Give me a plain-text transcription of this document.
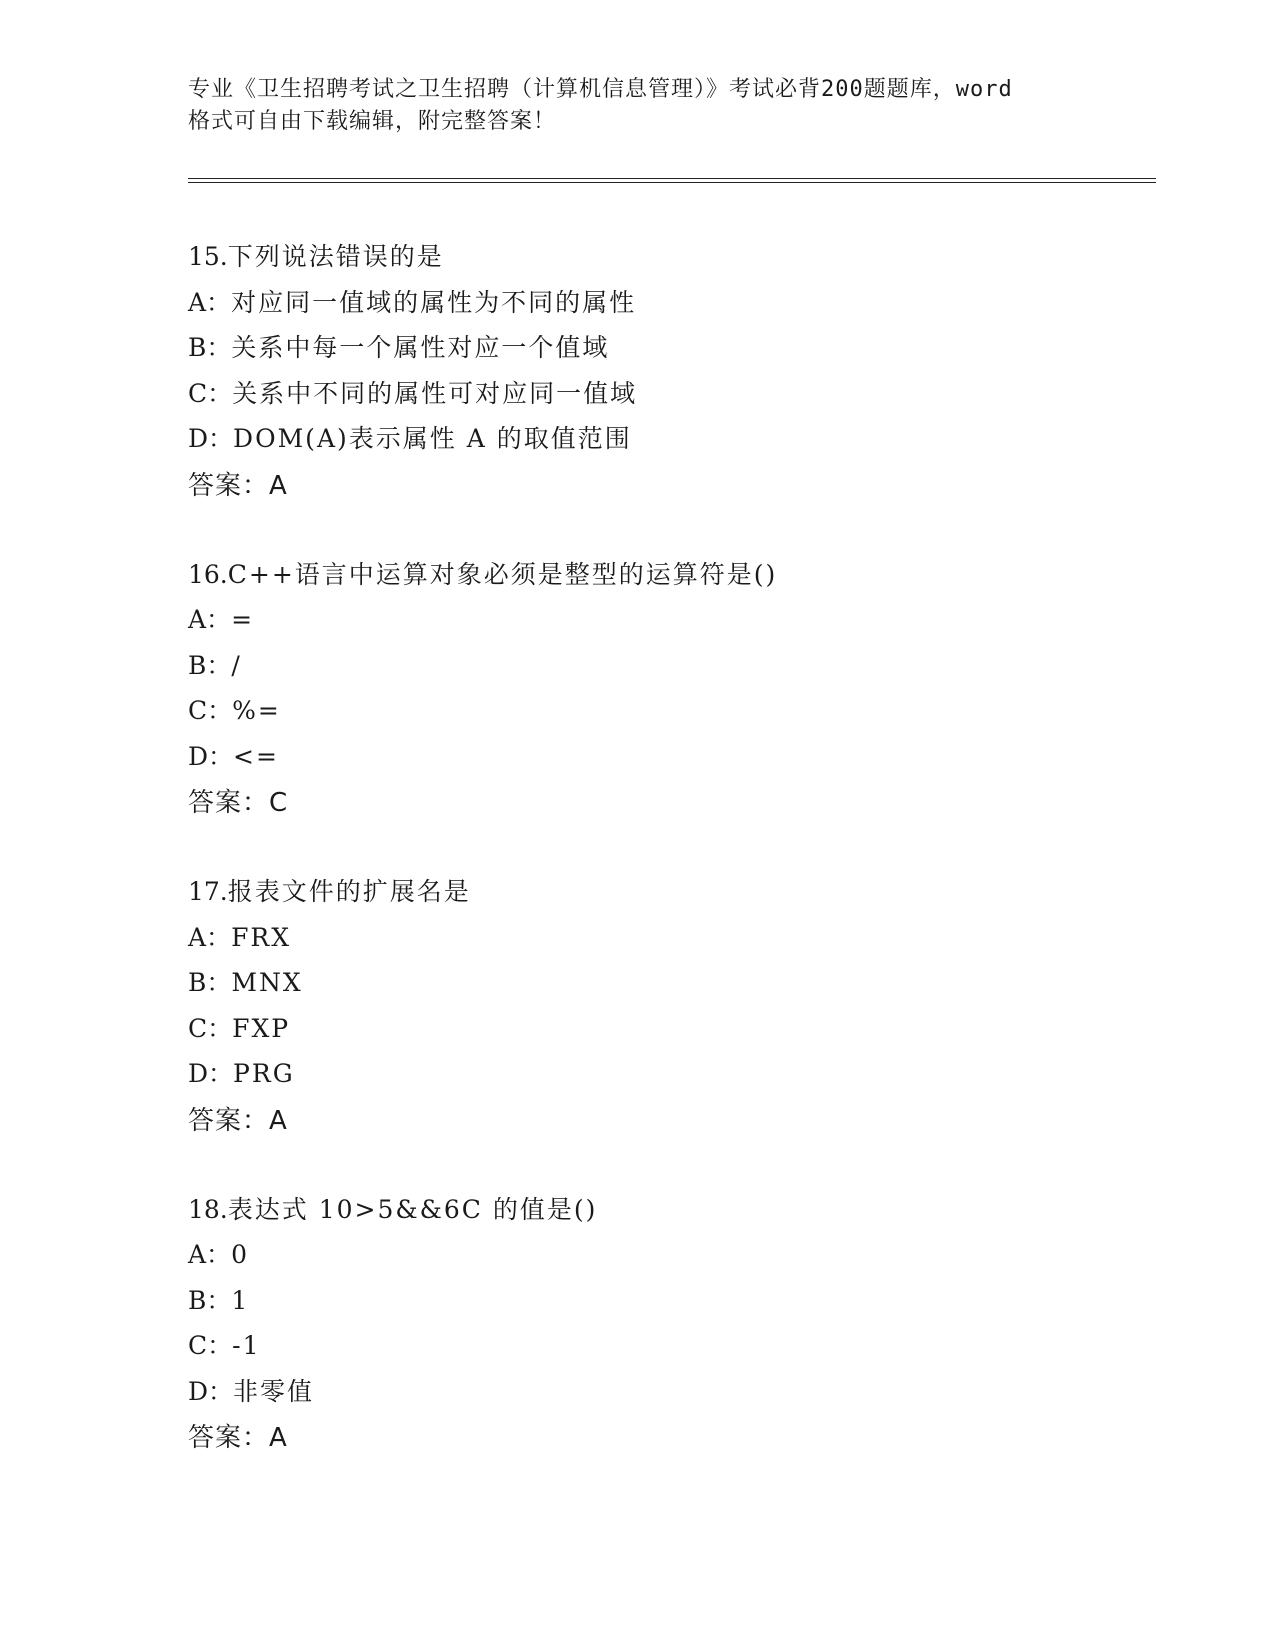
专业《卫生招聘考试之卫生招聘（计算机信息管理）》考试必背200题题库，word
格式可自由下载编辑，附完整答案！
15.下列说法错误的是
A：对应同一值域的属性为不同的属性
B：关系中每一个属性对应一个值域
C：关系中不同的属性可对应同一值域
D：DOM(A)表示属性 A 的取值范围
答案：A
16.C++语言中运算对象必须是整型的运算符是()
A：=
B：/
C：%=
D：<=
答案：C
17.报表文件的扩展名是
A：FRX
B：MNX
C：FXP
D：PRG
答案：A
18.表达式 10>5&&6C 的值是()
A：0
B：1
C：-1
D：非零值
答案：A
